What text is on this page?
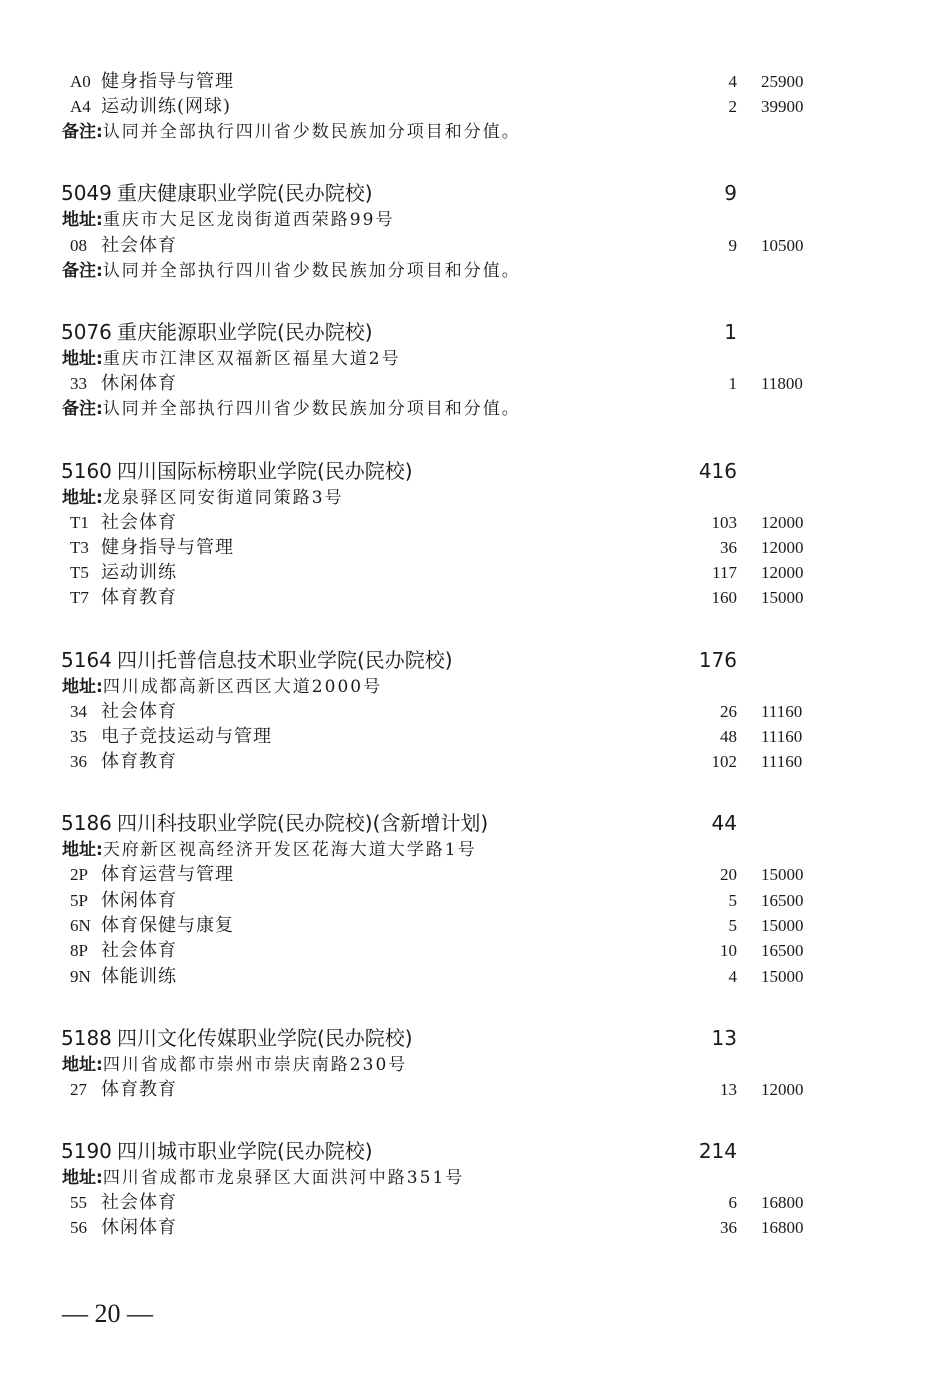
A0 健身指导与管理	4 25900
A4 运动训练(网球)	2 39900
备注:认同并全部执行四川省少数民族加分项目和分值。
5049 重庆健康职业学院(民办院校)	9
地址:重庆市大足区龙岗街道西荣路99号
08 社会体育	9 10500
备注:认同并全部执行四川省少数民族加分项目和分值。
5076 重庆能源职业学院(民办院校)	1
地址:重庆市江津区双福新区福星大道2号
33 休闲体育	1 11800
备注:认同并全部执行四川省少数民族加分项目和分值。
5160 四川国际标榜职业学院(民办院校)	416
地址:龙泉驿区同安街道同策路3号
T1 社会体育	103 12000
T3 健身指导与管理	36 12000
T5 运动训练	117 12000
T7 体育教育	160 15000
5164 四川托普信息技术职业学院(民办院校)	176
地址:四川成都高新区西区大道2000号
34 社会体育	26 11160
35 电子竞技运动与管理	48 11160
36 体育教育	102 11160
5186 四川科技职业学院(民办院校)(含新增计划)	44
地址:天府新区视高经济开发区花海大道大学路1号
2P 体育运营与管理	20 15000
5P 休闲体育	5 16500
6N 体育保健与康复	5 15000
8P 社会体育	10 16500
9N 体能训练	4 15000
5188 四川文化传媒职业学院(民办院校)	13
地址:四川省成都市崇州市崇庆南路230号
27 体育教育	13 12000
5190 四川城市职业学院(民办院校)	214
地址:四川省成都市龙泉驿区大面洪河中路351号
55 社会体育	6 16800
56 休闲体育	36 16800
— 20 —
